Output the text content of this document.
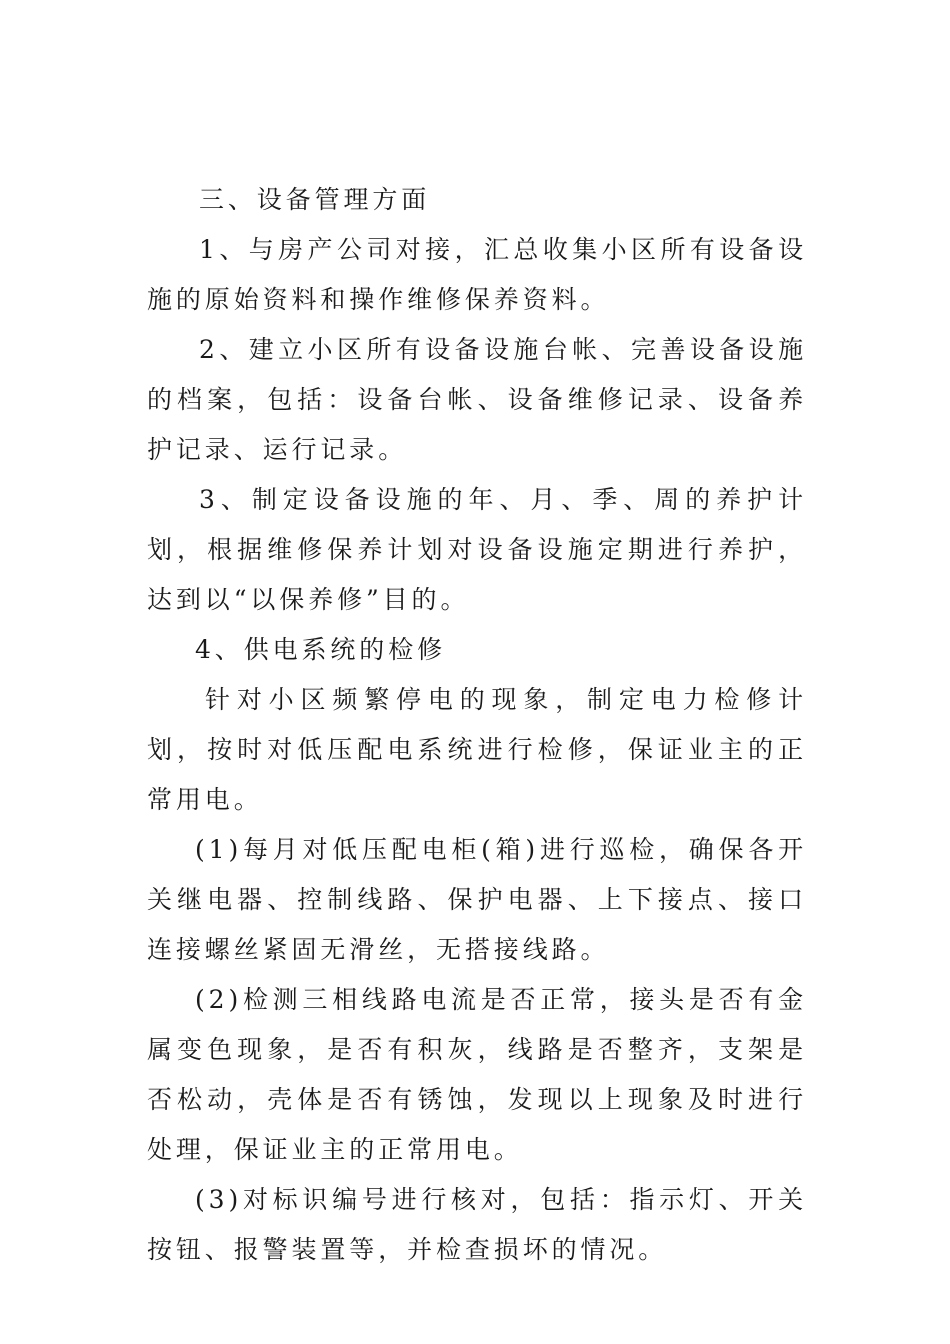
三、设备管理方面

1、与房产公司对接，汇总收集小区所有设备设施的原始资料和操作维修保养资料。

2、建立小区所有设备设施台帐、完善设备设施的档案，包括：设备台帐、设备维修记录、设备养护记录、运行记录。

3、制定设备设施的年、月、季、周的养护计划，根据维修保养计划对设备设施定期进行养护，达到以“以保养修”目的。

4、供电系统的检修

针对小区频繁停电的现象，制定电力检修计划，按时对低压配电系统进行检修，保证业主的正常用电。

(1)每月对低压配电柜(箱)进行巡检，确保各开关继电器、控制线路、保护电器、上下接点、接口连接螺丝紧固无滑丝，无搭接线路。

(2)检测三相线路电流是否正常，接头是否有金属变色现象，是否有积灰，线路是否整齐，支架是否松动，壳体是否有锈蚀，发现以上现象及时进行处理，保证业主的正常用电。

(3)对标识编号进行核对，包括：指示灯、开关按钮、报警装置等，并检查损坏的情况。
